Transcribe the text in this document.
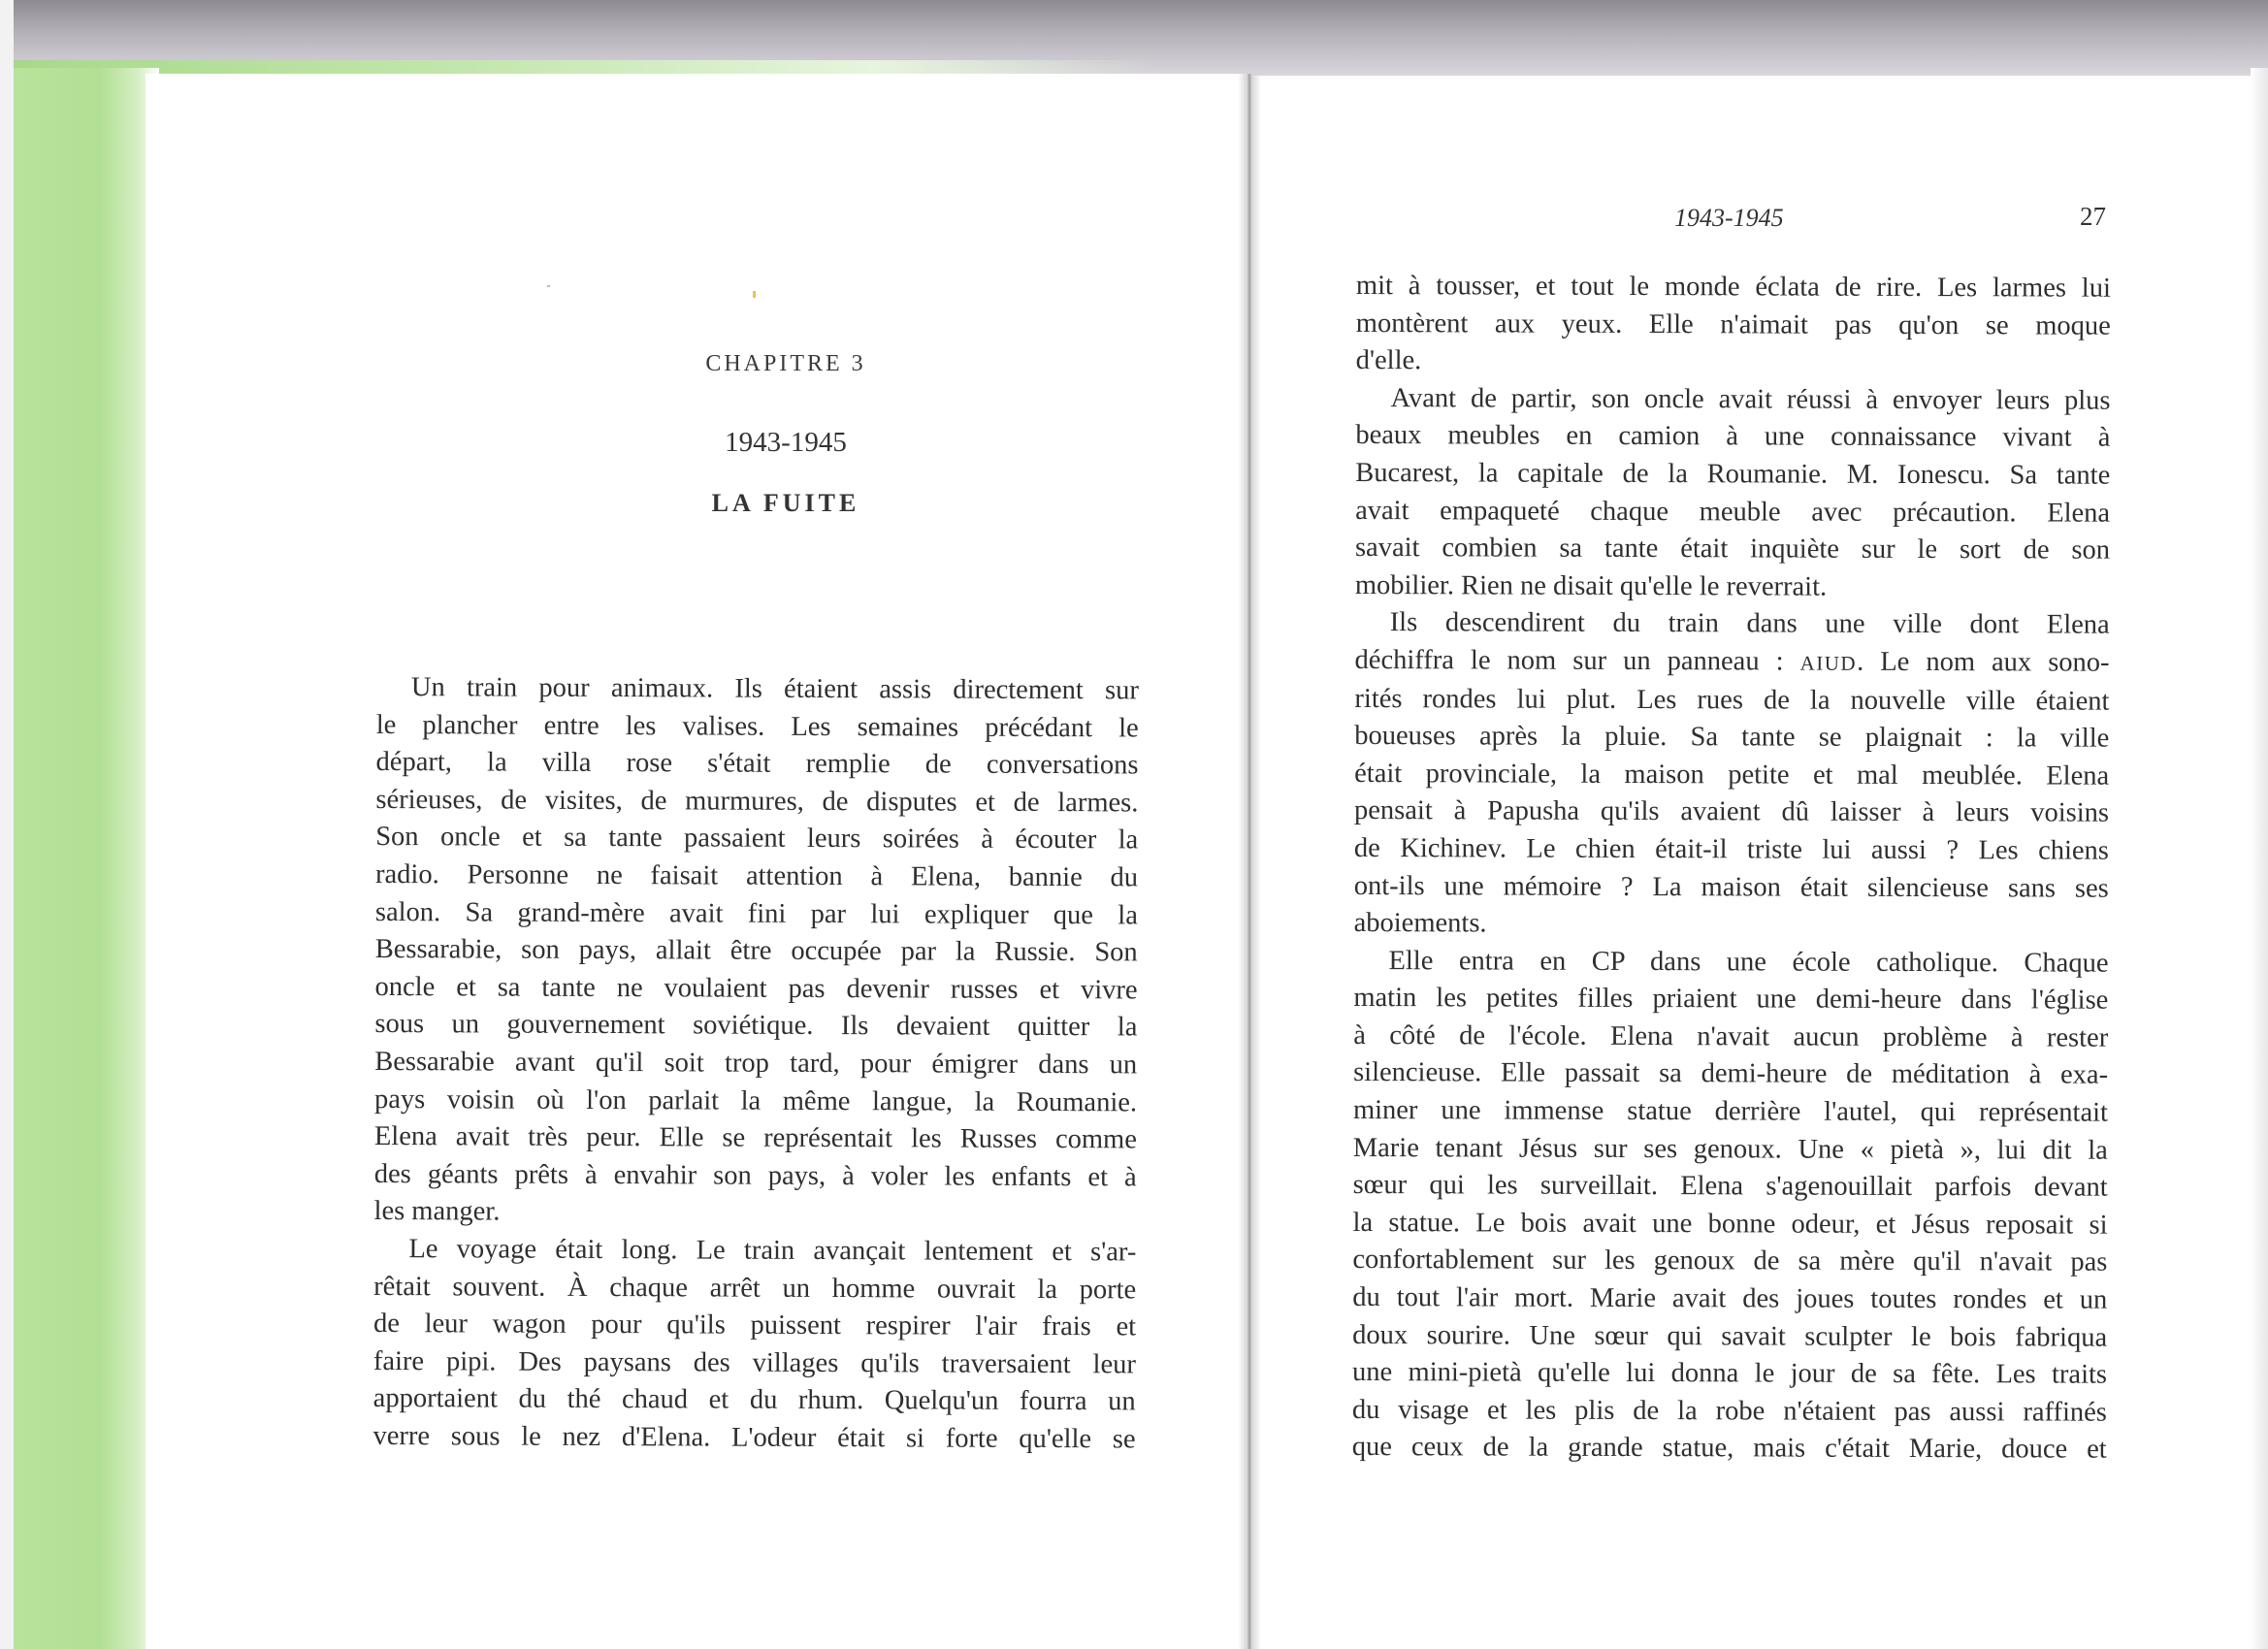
CHAPITRE 3
1943-1945
LA FUITE
Un train pour animaux. Ils étaient assis directement sur
le plancher entre les valises. Les semaines précédant le
départ, la villa rose s'était remplie de conversations
sérieuses, de visites, de murmures, de disputes et de larmes.
Son oncle et sa tante passaient leurs soirées à écouter la
radio. Personne ne faisait attention à Elena, bannie du
salon. Sa grand-mère avait fini par lui expliquer que la
Bessarabie, son pays, allait être occupée par la Russie. Son
oncle et sa tante ne voulaient pas devenir russes et vivre
sous un gouvernement soviétique. Ils devaient quitter la
Bessarabie avant qu'il soit trop tard, pour émigrer dans un
pays voisin où l'on parlait la même langue, la Roumanie.
Elena avait très peur. Elle se représentait les Russes comme
des géants prêts à envahir son pays, à voler les enfants et à
les manger.
Le voyage était long. Le train avançait lentement et s'ar-
rêtait souvent. À chaque arrêt un homme ouvrait la porte
de leur wagon pour qu'ils puissent respirer l'air frais et
faire pipi. Des paysans des villages qu'ils traversaient leur
apportaient du thé chaud et du rhum. Quelqu'un fourra un
verre sous le nez d'Elena. L'odeur était si forte qu'elle se
1943-1945	27
mit à tousser, et tout le monde éclata de rire. Les larmes lui
montèrent aux yeux. Elle n'aimait pas qu'on se moque
d'elle.
Avant de partir, son oncle avait réussi à envoyer leurs plus
beaux meubles en camion à une connaissance vivant à
Bucarest, la capitale de la Roumanie. M. Ionescu. Sa tante
avait empaqueté chaque meuble avec précaution. Elena
savait combien sa tante était inquiète sur le sort de son
mobilier. Rien ne disait qu'elle le reverrait.
Ils descendirent du train dans une ville dont Elena
déchiffra le nom sur un panneau : AIUD. Le nom aux sono-
rités rondes lui plut. Les rues de la nouvelle ville étaient
boueuses après la pluie. Sa tante se plaignait : la ville
était provinciale, la maison petite et mal meublée. Elena
pensait à Papusha qu'ils avaient dû laisser à leurs voisins
de Kichinev. Le chien était-il triste lui aussi ? Les chiens
ont-ils une mémoire ? La maison était silencieuse sans ses
aboiements.
Elle entra en CP dans une école catholique. Chaque
matin les petites filles priaient une demi-heure dans l'église
à côté de l'école. Elena n'avait aucun problème à rester
silencieuse. Elle passait sa demi-heure de méditation à exa-
miner une immense statue derrière l'autel, qui représentait
Marie tenant Jésus sur ses genoux. Une « pietà », lui dit la
sœur qui les surveillait. Elena s'agenouillait parfois devant
la statue. Le bois avait une bonne odeur, et Jésus reposait si
confortablement sur les genoux de sa mère qu'il n'avait pas
du tout l'air mort. Marie avait des joues toutes rondes et un
doux sourire. Une sœur qui savait sculpter le bois fabriqua
une mini-pietà qu'elle lui donna le jour de sa fête. Les traits
du visage et les plis de la robe n'étaient pas aussi raffinés
que ceux de la grande statue, mais c'était Marie, douce et
